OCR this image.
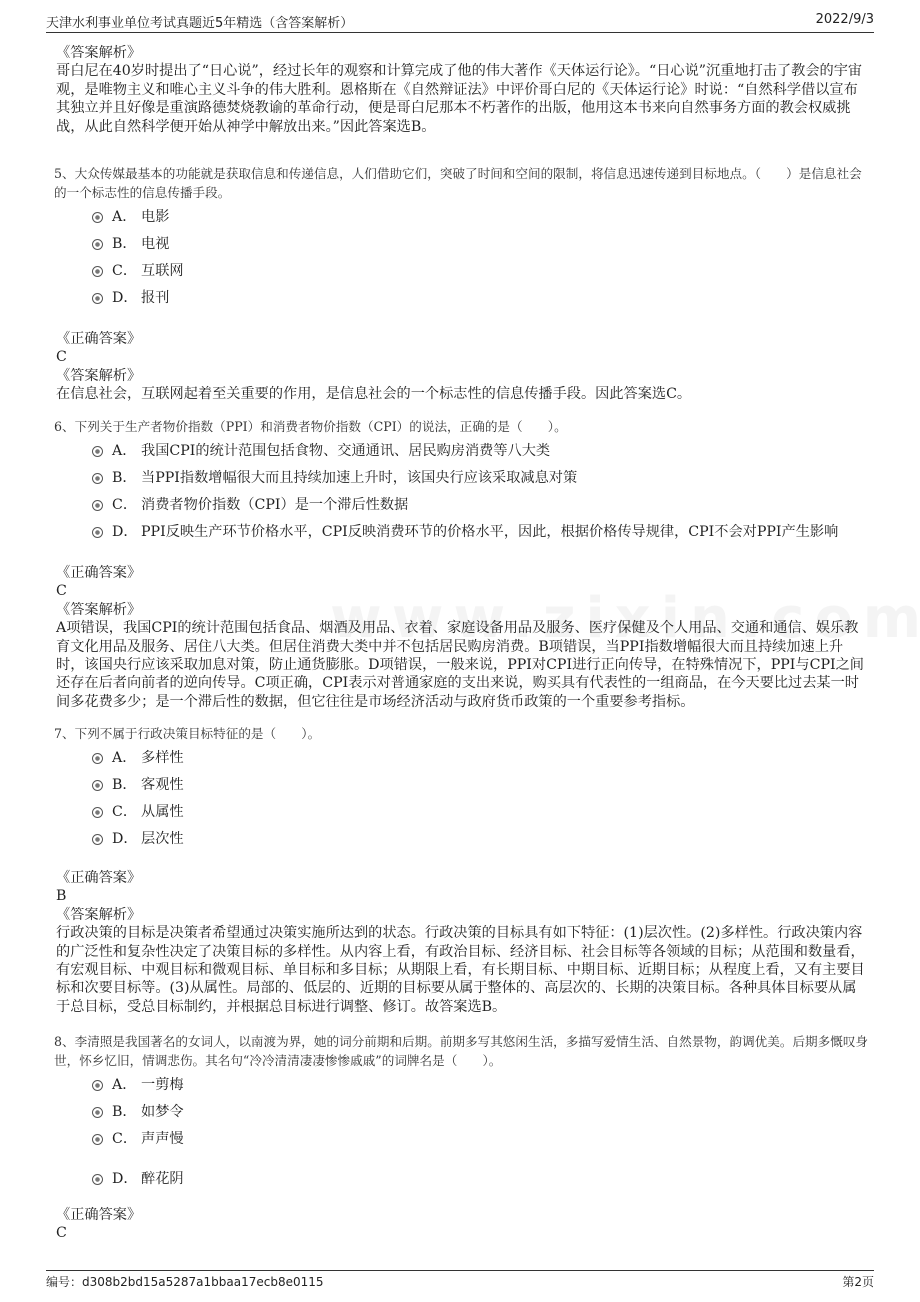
天津水利事业单位考试真题近5年精选（含答案解析）	2022/9/3
《答案解析》

哥白尼在40岁时提出了“日心说”，经过长年的观察和计算完成了他的伟大著作《天体运行论》。“日心说”沉重地打击了教会的宇宙观，是唯物主义和唯心主义斗争的伟大胜利。恩格斯在《自然辩证法》中评价哥白尼的《天体运行论》时说：“自然科学借以宣布其独立并且好像是重演路德焚烧教谕的革命行动，便是哥白尼那本不朽著作的出版，他用这本书来向自然事务方面的教会权威挑战，从此自然科学便开始从神学中解放出来。”因此答案选B。

5、大众传媒最基本的功能就是获取信息和传递信息，人们借助它们，突破了时间和空间的限制，将信息迅速传递到目标地点。（　　）是信息社会的一个标志性的信息传播手段。

A． 电影
B． 电视
C． 互联网
D． 报刊
《正确答案》
C
《答案解析》

在信息社会，互联网起着至关重要的作用，是信息社会的一个标志性的信息传播手段。因此答案选C。

6、下列关于生产者物价指数（PPI）和消费者物价指数（CPI）的说法，正确的是（　　）。

A． 我国CPI的统计范围包括食物、交通通讯、居民购房消费等八大类
B． 当PPI指数增幅很大而且持续加速上升时，该国央行应该采取减息对策
C． 消费者物价指数（CPI）是一个滞后性数据
D． PPI反映生产环节价格水平，CPI反映消费环节的价格水平，因此，根据价格传导规律，CPI不会对PPI产生影响
《正确答案》
C
《答案解析》

A项错误，我国CPI的统计范围包括食品、烟酒及用品、衣着、家庭设备用品及服务、医疗保健及个人用品、交通和通信、娱乐教育文化用品及服务、居住八大类。但居住消费大类中并不包括居民购房消费。B项错误，当PPI指数增幅很大而且持续加速上升时，该国央行应该采取加息对策，防止通货膨胀。D项错误，一般来说，PPI对CPI进行正向传导，在特殊情况下，PPI与CPI之间还存在后者向前者的逆向传导。C项正确，CPI表示对普通家庭的支出来说，购买具有代表性的一组商品，在今天要比过去某一时间多花费多少；是一个滞后性的数据，但它往往是市场经济活动与政府货币政策的一个重要参考指标。

7、下列不属于行政决策目标特征的是（　　）。

A． 多样性
B． 客观性
C． 从属性
D． 层次性
《正确答案》
B
《答案解析》

行政决策的目标是决策者希望通过决策实施所达到的状态。行政决策的目标具有如下特征：(1)层次性。(2)多样性。行政决策内容的广泛性和复杂性决定了决策目标的多样性。从内容上看，有政治目标、经济目标、社会目标等各领域的目标；从范围和数量看，有宏观目标、中观目标和微观目标、单目标和多目标；从期限上看，有长期目标、中期目标、近期目标；从程度上看，又有主要目标和次要目标等。(3)从属性。局部的、低层的、近期的目标要从属于整体的、高层次的、长期的决策目标。各种具体目标要从属于总目标，受总目标制约，并根据总目标进行调整、修订。故答案选B。

8、李清照是我国著名的女词人，以南渡为界，她的词分前期和后期。前期多写其悠闲生活，多描写爱情生活、自然景物，韵调优美。后期多慨叹身世，怀乡忆旧，情调悲伤。其名句“冷冷清清凄凄惨惨戚戚”的词牌名是（　　）。

A． 一剪梅
B． 如梦令
C． 声声慢
D． 醉花阴
《正确答案》
C
编号：d308b2bd15a5287a1bbaa17ecb8e0115	第2页
